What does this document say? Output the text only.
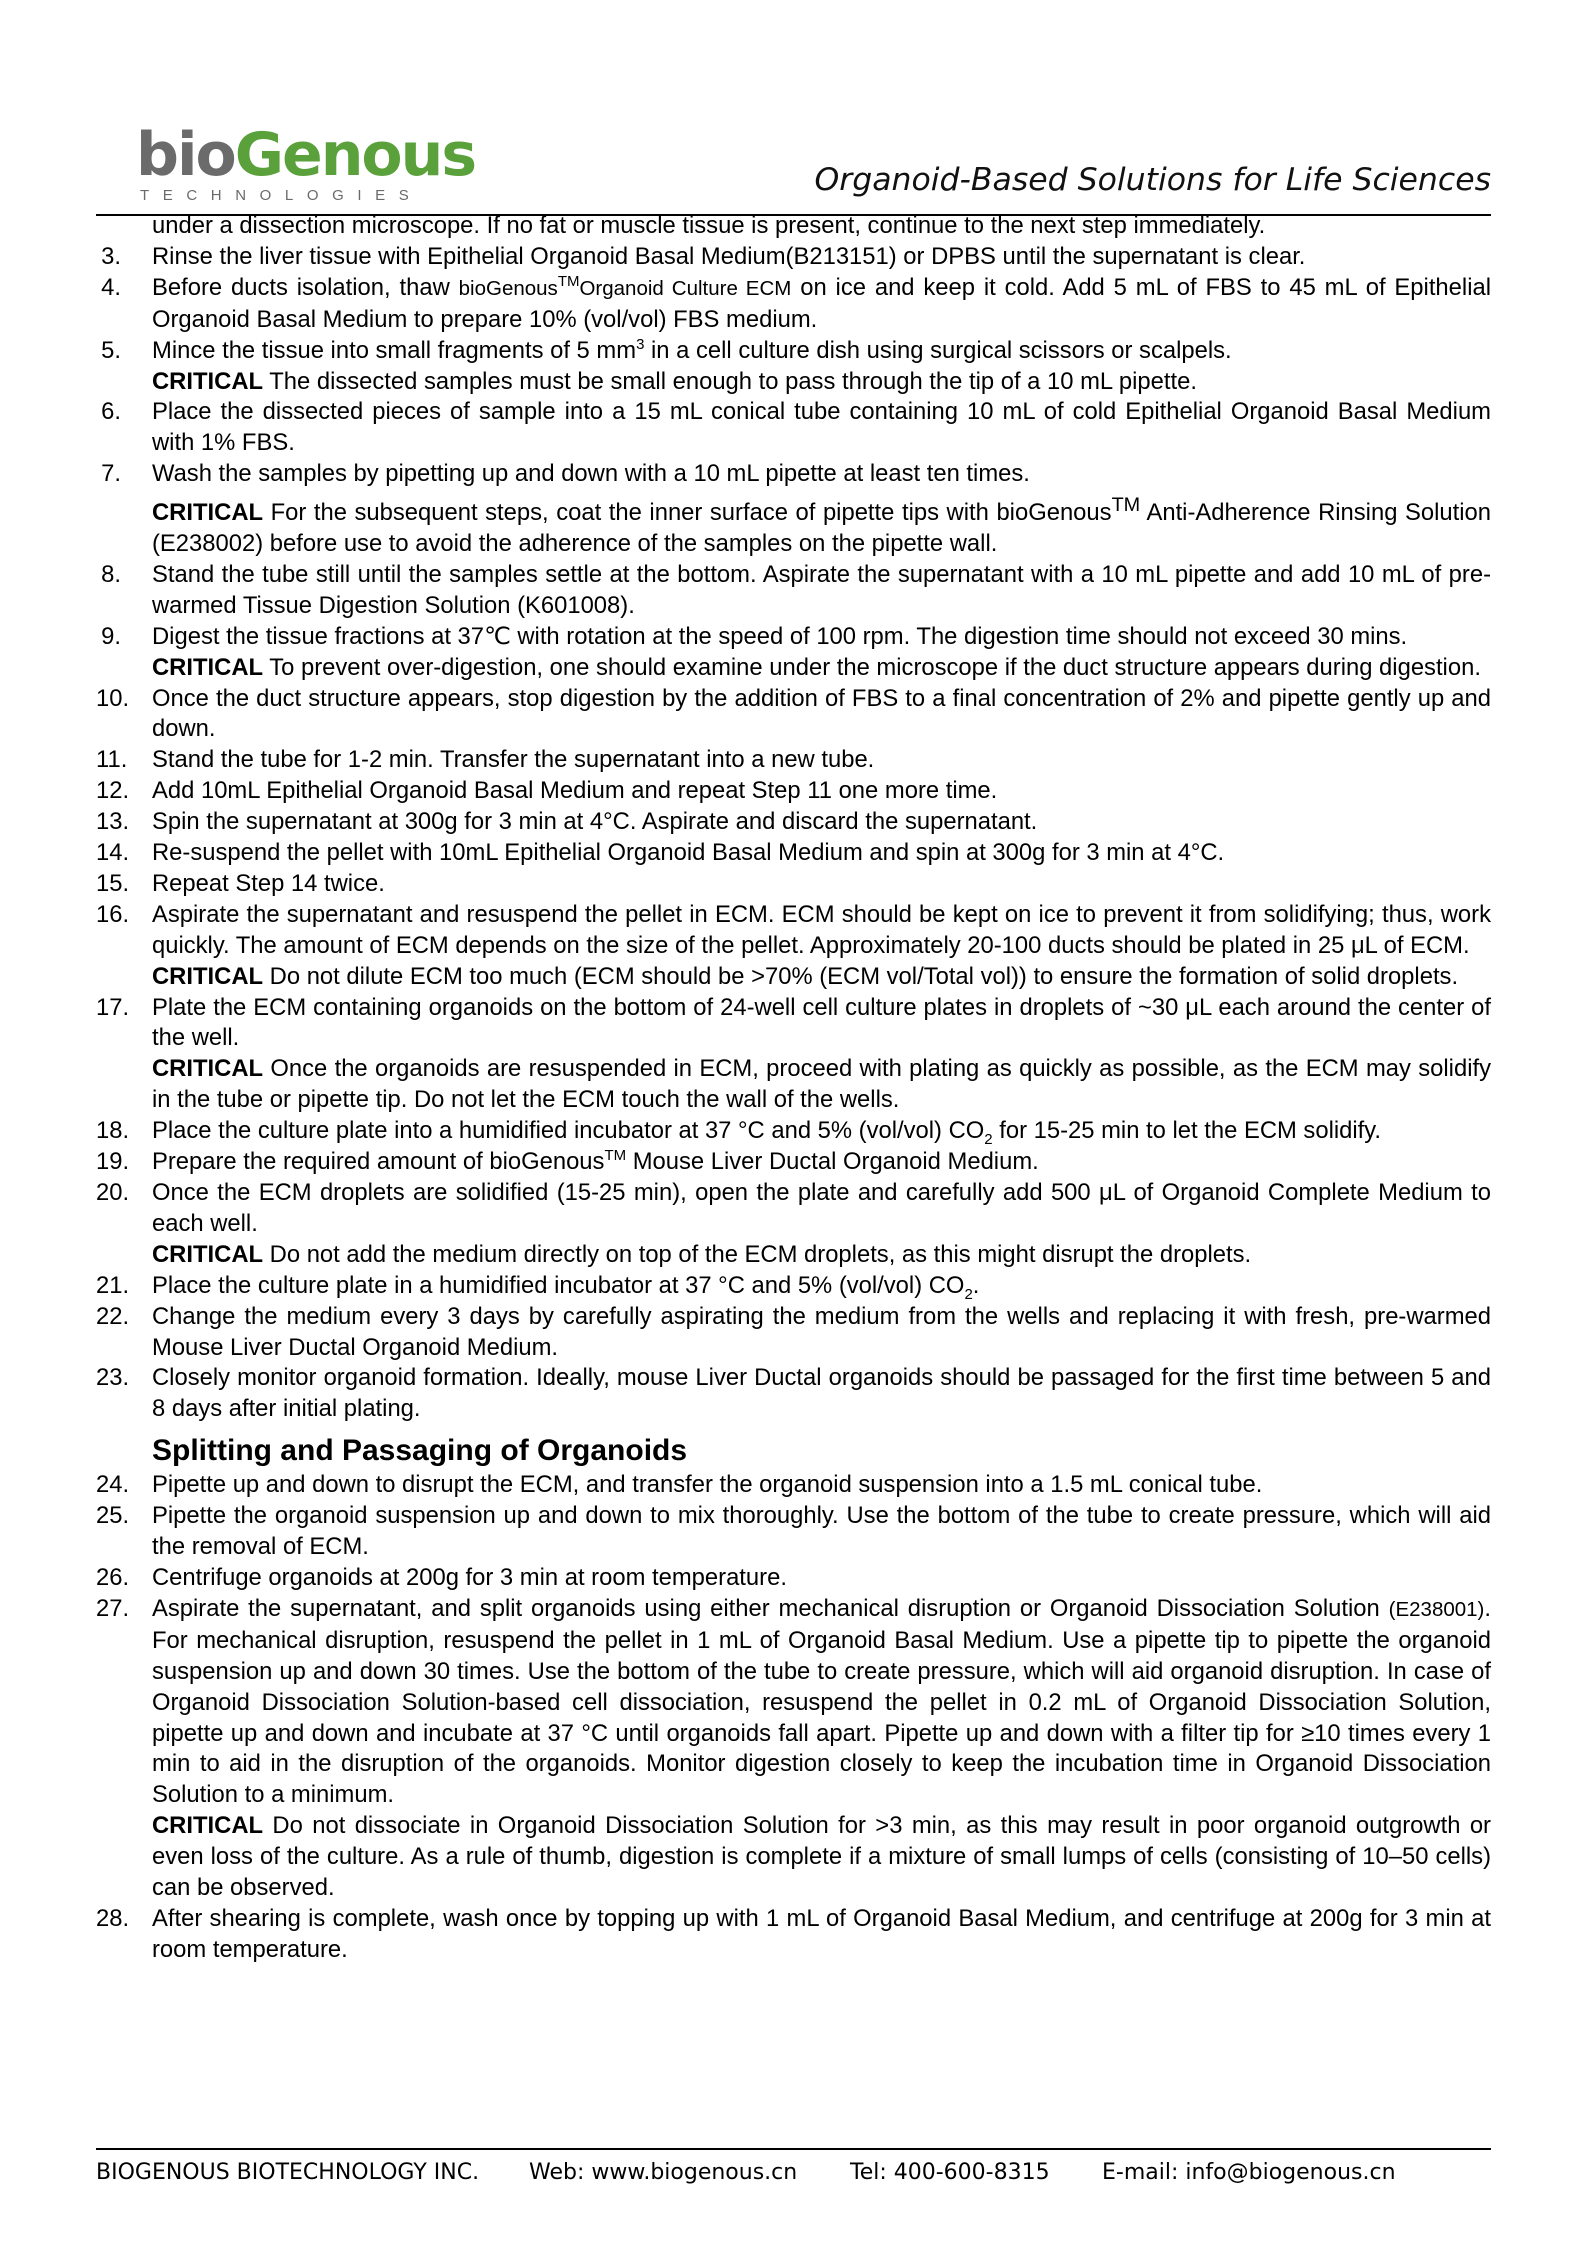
bioGenous
TECHNOLOGIES	Organoid-Based Solutions for Life Sciences
under a dissection microscope. If no fat or muscle tissue is present, continue to the next step immediately.
3. Rinse the liver tissue with Epithelial Organoid Basal Medium(B213151) or DPBS until the supernatant is clear.
4. Before ducts isolation, thaw bioGenous™Organoid Culture ECM on ice and keep it cold. Add 5 mL of FBS to 45 mL of Epithelial Organoid Basal Medium to prepare 10% (vol/vol) FBS medium.
5. Mince the tissue into small fragments of 5 $mm^3$ in a cell culture dish using surgical scissors or scalpels.
CRITICAL The dissected samples must be small enough to pass through the tip of a 10 mL pipette.
6. Place the dissected pieces of sample into a 15 mL conical tube containing 10 mL of cold Epithelial Organoid Basal Medium with 1% FBS.
7. Wash the samples by pipetting up and down with a 10 mL pipette at least ten times.
CRITICAL For the subsequent steps, coat the inner surface of pipette tips with bioGenous™ Anti-Adherence Rinsing Solution (E238002) before use to avoid the adherence of the samples on the pipette wall.
8. Stand the tube still until the samples settle at the bottom. Aspirate the supernatant with a 10 mL pipette and add 10 mL of pre-warmed Tissue Digestion Solution (K601008).
9. Digest the tissue fractions at 37℃ with rotation at the speed of 100 rpm. The digestion time should not exceed 30 mins.
CRITICAL To prevent over-digestion, one should examine under the microscope if the duct structure appears during digestion.
10. Once the duct structure appears, stop digestion by the addition of FBS to a final concentration of 2% and pipette gently up and down.
11. Stand the tube for 1-2 min. Transfer the supernatant into a new tube.
12. Add 10mL Epithelial Organoid Basal Medium and repeat Step 11 one more time.
13. Spin the supernatant at 300g for 3 min at 4°C. Aspirate and discard the supernatant.
14. Re-suspend the pellet with 10mL Epithelial Organoid Basal Medium and spin at 300g for 3 min at 4°C.
15. Repeat Step 14 twice.
16. Aspirate the supernatant and resuspend the pellet in ECM. ECM should be kept on ice to prevent it from solidifying; thus, work quickly. The amount of ECM depends on the size of the pellet. Approximately 20-100 ducts should be plated in 25 μL of ECM.
CRITICAL Do not dilute ECM too much (ECM should be >70% (ECM vol/Total vol)) to ensure the formation of solid droplets.
17. Plate the ECM containing organoids on the bottom of 24-well cell culture plates in droplets of ~30 μL each around the center of the well.
CRITICAL Once the organoids are resuspended in ECM, proceed with plating as quickly as possible, as the ECM may solidify in the tube or pipette tip. Do not let the ECM touch the wall of the wells.
18. Place the culture plate into a humidified incubator at 37 °C and 5% (vol/vol) $CO_2$ for 15-25 min to let the ECM solidify.
19. Prepare the required amount of bioGenous™ Mouse Liver Ductal Organoid Medium.
20. Once the ECM droplets are solidified (15-25 min), open the plate and carefully add 500 μL of Organoid Complete Medium to each well.
CRITICAL Do not add the medium directly on top of the ECM droplets, as this might disrupt the droplets.
21. Place the culture plate in a humidified incubator at 37 °C and 5% (vol/vol) $CO_2$.
22. Change the medium every 3 days by carefully aspirating the medium from the wells and replacing it with fresh, pre-warmed Mouse Liver Ductal Organoid Medium.
23. Closely monitor organoid formation. Ideally, mouse Liver Ductal organoids should be passaged for the first time between 5 and 8 days after initial plating.
Splitting and Passaging of Organoids
24. Pipette up and down to disrupt the ECM, and transfer the organoid suspension into a 1.5 mL conical tube.
25. Pipette the organoid suspension up and down to mix thoroughly. Use the bottom of the tube to create pressure, which will aid the removal of ECM.
26. Centrifuge organoids at 200g for 3 min at room temperature.
27. Aspirate the supernatant, and split organoids using either mechanical disruption or Organoid Dissociation Solution (E238001). For mechanical disruption, resuspend the pellet in 1 mL of Organoid Basal Medium. Use a pipette tip to pipette the organoid suspension up and down 30 times. Use the bottom of the tube to create pressure, which will aid organoid disruption. In case of Organoid Dissociation Solution-based cell dissociation, resuspend the pellet in 0.2 mL of Organoid Dissociation Solution, pipette up and down and incubate at 37 °C until organoids fall apart. Pipette up and down with a filter tip for ≥10 times every 1 min to aid in the disruption of the organoids. Monitor digestion closely to keep the incubation time in Organoid Dissociation Solution to a minimum.
CRITICAL Do not dissociate in Organoid Dissociation Solution for >3 min, as this may result in poor organoid outgrowth or even loss of the culture. As a rule of thumb, digestion is complete if a mixture of small lumps of cells (consisting of 10–50 cells) can be observed.
28. After shearing is complete, wash once by topping up with 1 mL of Organoid Basal Medium, and centrifuge at 200g for 3 min at room temperature.
BIOGENOUS BIOTECHNOLOGY INC.	Web: www.biogenous.cn	Tel: 400-600-8315	E-mail: info@biogenous.cn
